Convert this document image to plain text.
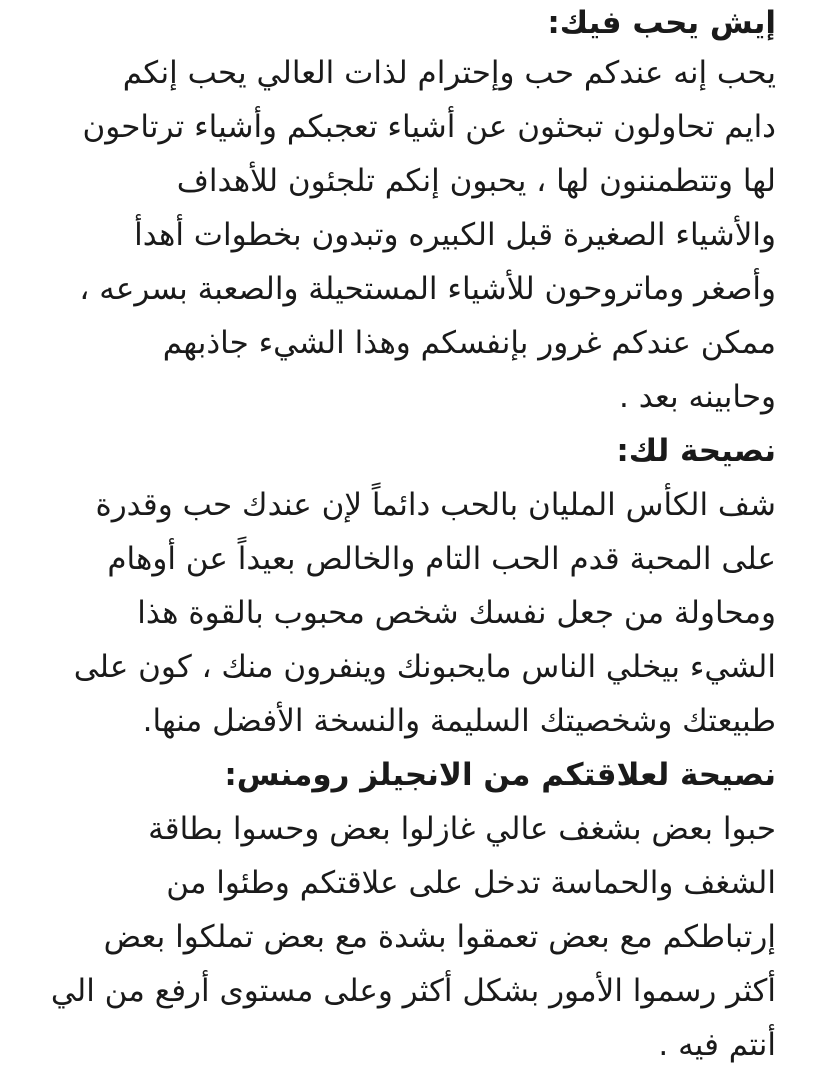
إيش يحب فيك:
يحب إنه عندكم حب وإحترام لذات العالي يحب إنكم
دايم تحاولون تبحثون عن أشياء تعجبكم وأشياء ترتاحون
لها وتتطمننون لها ، يحبون إنكم تلجئون للأهداف
والأشياء الصغيرة قبل الكبيره وتبدون بخطوات أهدأ
وأصغر وماتروحون للأشياء المستحيلة والصعبة بسرعه ،
ممكن عندكم غرور بإنفسكم وهذا الشيء جاذبهم
وحابينه بعد .
نصيحة لك:
شف الكأس المليان بالحب دائماً لإن عندك حب وقدرة
على المحبة قدم الحب التام والخالص بعيداً عن أوهام
ومحاولة من جعل نفسك شخص محبوب بالقوة هذا
الشيء بيخلي الناس مايحبونك وينفرون منك ، كون على
طبيعتك وشخصيتك السليمة والنسخة الأفضل منها.
نصيحة لعلاقتكم من الانجيلز رومنس:
حبوا بعض بشغف عالي غازلوا بعض وحسوا بطاقة
الشغف والحماسة تدخل على علاقتكم وطئوا من
إرتباطكم مع بعض تعمقوا بشدة مع بعض تملكوا بعض
أكثر رسموا الأمور بشكل أكثر وعلى مستوى أرفع من الي
أنتم فيه .
